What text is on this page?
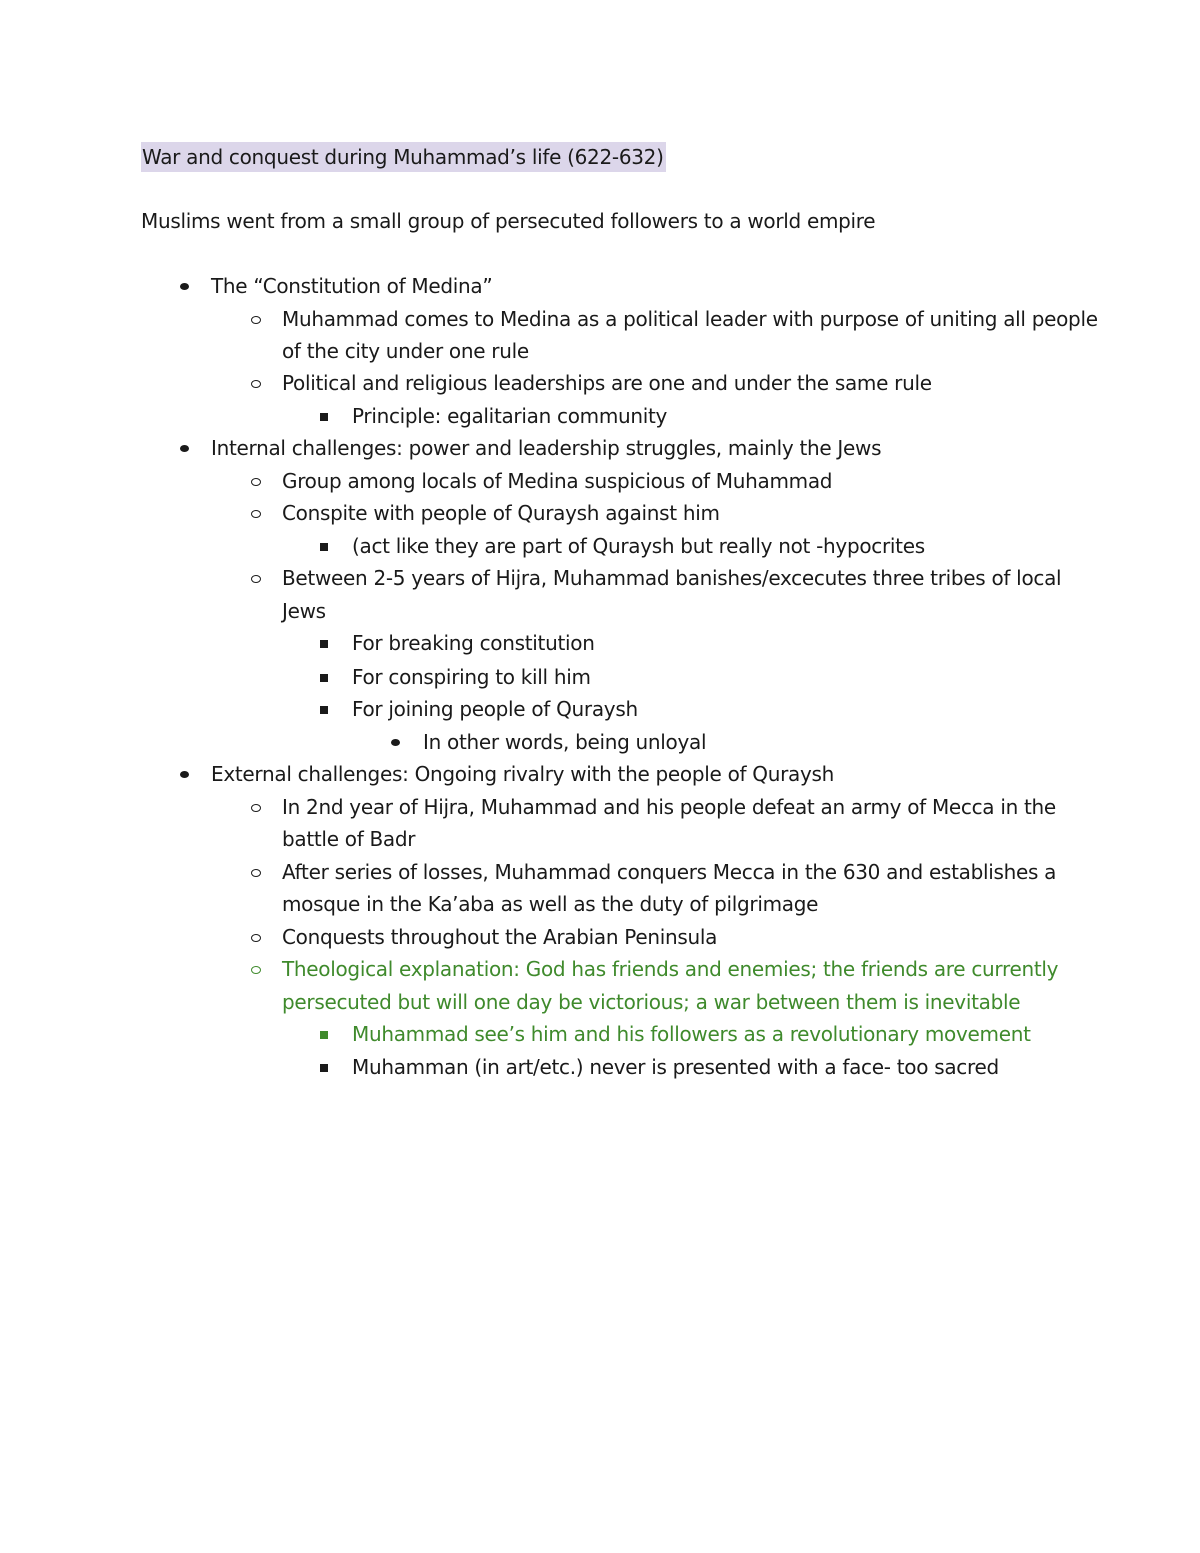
War and conquest during Muhammad’s life (622-632)
Muslims went from a small group of persecuted followers to a world empire
The “Constitution of Medina”
Muhammad comes to Medina as a political leader with purpose of uniting all people
of the city under one rule
Political and religious leaderships are one and under the same rule
Principle: egalitarian community
Internal challenges: power and leadership struggles, mainly the Jews
Group among locals of Medina suspicious of Muhammad
Conspite with people of Quraysh against him
(act like they are part of Quraysh but really not -hypocrites
Between 2-5 years of Hijra, Muhammad banishes/excecutes three tribes of local
Jews
For breaking constitution
For conspiring to kill him
For joining people of Quraysh
In other words, being unloyal
External challenges: Ongoing rivalry with the people of Quraysh
In 2nd year of Hijra, Muhammad and his people defeat an army of Mecca in the
battle of Badr
After series of losses, Muhammad conquers Mecca in the 630 and establishes a
mosque in the Ka’aba as well as the duty of pilgrimage
Conquests throughout the Arabian Peninsula
Theological explanation: God has friends and enemies; the friends are currently
persecuted but will one day be victorious; a war between them is inevitable
Muhammad see’s him and his followers as a revolutionary movement
Muhamman (in art/etc.) never is presented with a face- too sacred
